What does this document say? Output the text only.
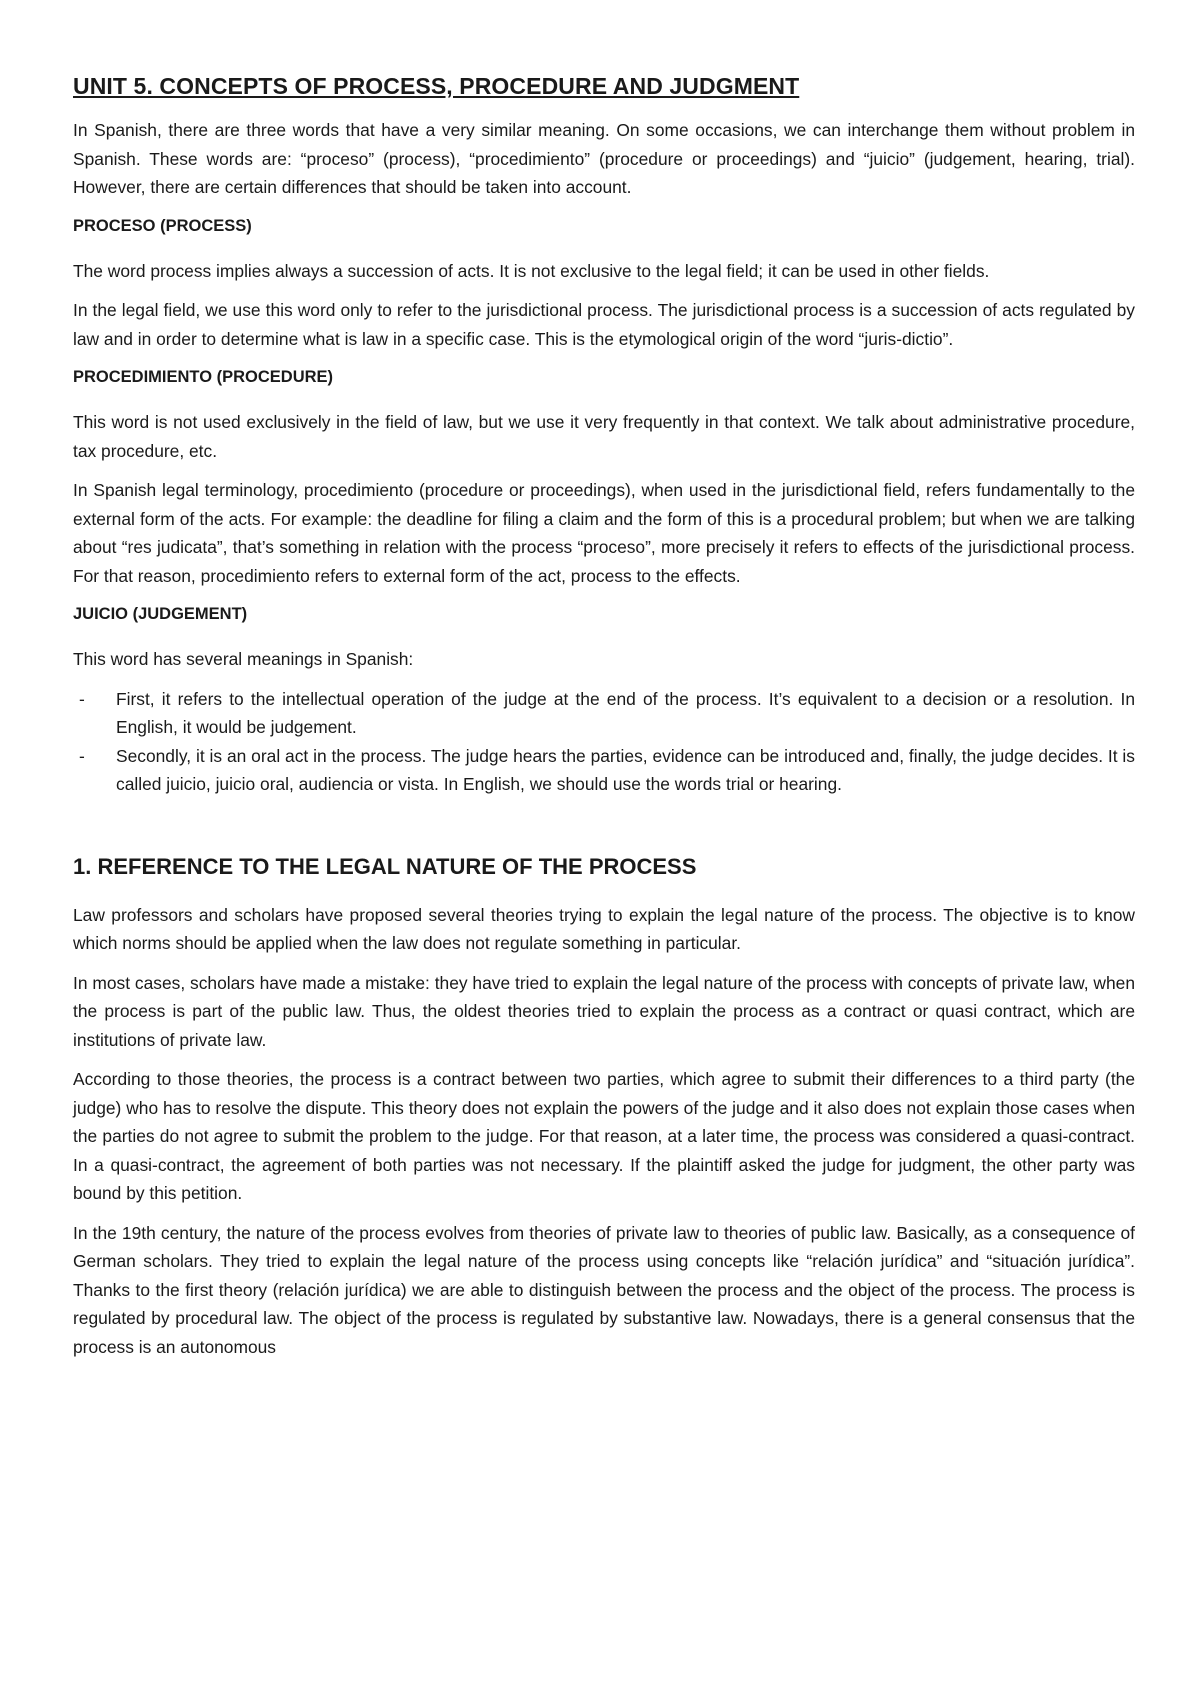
UNIT 5. CONCEPTS OF PROCESS, PROCEDURE AND JUDGMENT

In Spanish, there are three words that have a very similar meaning. On some occasions, we can interchange them without problem in Spanish. These words are: “proceso” (process), “procedimiento” (procedure or proceedings) and “juicio” (judgement, hearing, trial). However, there are certain differences that should be taken into account.

PROCESO (PROCESS)

The word process implies always a succession of acts. It is not exclusive to the legal field; it can be used in other fields.

In the legal field, we use this word only to refer to the jurisdictional process. The jurisdictional process is a succession of acts regulated by law and in order to determine what is law in a specific case. This is the etymological origin of the word “juris-dictio”.

PROCEDIMIENTO (PROCEDURE)

This word is not used exclusively in the field of law, but we use it very frequently in that context. We talk about administrative procedure, tax procedure, etc.

In Spanish legal terminology, procedimiento (procedure or proceedings), when used in the jurisdictional field, refers fundamentally to the external form of the acts. For example: the deadline for filing a claim and the form of this is a procedural problem; but when we are talking about “res judicata”, that’s something in relation with the process “proceso”, more precisely it refers to effects of the jurisdictional process. For that reason, procedimiento refers to external form of the act, process to the effects.

JUICIO (JUDGEMENT)

This word has several meanings in Spanish:

- First, it refers to the intellectual operation of the judge at the end of the process. It’s equivalent to a decision or a resolution. In English, it would be judgement.
- Secondly, it is an oral act in the process. The judge hears the parties, evidence can be introduced and, finally, the judge decides. It is called juicio, juicio oral, audiencia or vista. In English, we should use the words trial or hearing.
1. REFERENCE TO THE LEGAL NATURE OF THE PROCESS

Law professors and scholars have proposed several theories trying to explain the legal nature of the process. The objective is to know which norms should be applied when the law does not regulate something in particular.

In most cases, scholars have made a mistake: they have tried to explain the legal nature of the process with concepts of private law, when the process is part of the public law. Thus, the oldest theories tried to explain the process as a contract or quasi contract, which are institutions of private law.

According to those theories, the process is a contract between two parties, which agree to submit their differences to a third party (the judge) who has to resolve the dispute. This theory does not explain the powers of the judge and it also does not explain those cases when the parties do not agree to submit the problem to the judge. For that reason, at a later time, the process was considered a quasi-contract. In a quasi-contract, the agreement of both parties was not necessary. If the plaintiff asked the judge for judgment, the other party was bound by this petition.

In the 19th century, the nature of the process evolves from theories of private law to theories of public law. Basically, as a consequence of German scholars. They tried to explain the legal nature of the process using concepts like “relación jurídica” and “situación jurídica”. Thanks to the first theory (relación jurídica) we are able to distinguish between the process and the object of the process. The process is regulated by procedural law. The object of the process is regulated by substantive law. Nowadays, there is a general consensus that the process is an autonomous
